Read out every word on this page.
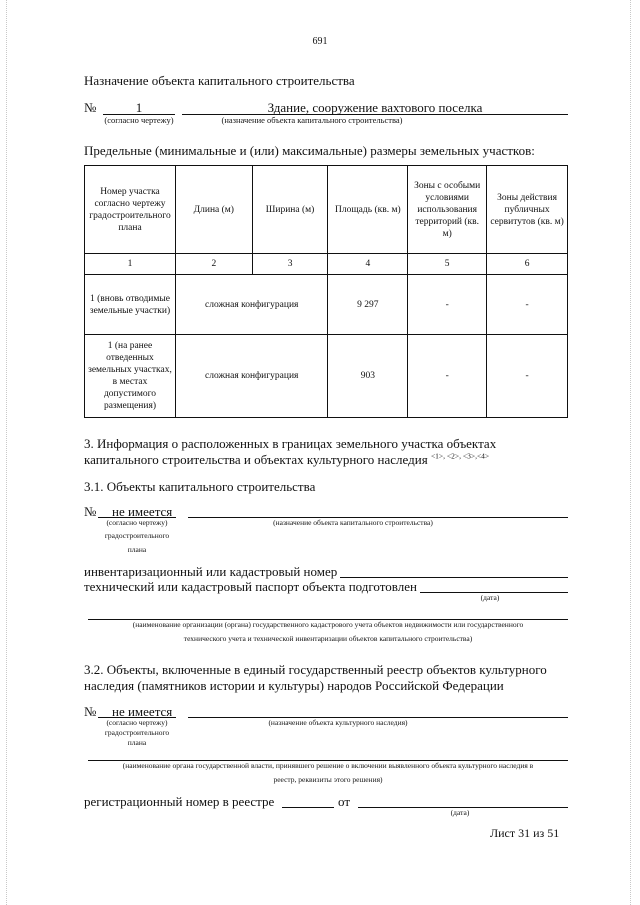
691
Назначение объекта капитального строительства
№	1
(согласно чертежу)
Здание, сооружение вахтового поселка
(назначение объекта капитального строительства)
Предельные (минимальные и (или) максимальные) размеры земельных участков:
Номер участка согласно чертежу градостроительного плана	Длина (м)	Ширина (м)	Площадь (кв. м)	Зоны с особыми условиями использования территорий (кв. м)	Зоны действия публичных сервитутов (кв. м)
1	2	3	4	5	6
1 (вновь отводимые земельные участки)	сложная конфигурация		9 297	-	-
1 (на ранее отведенных земельных участках, в местах допустимого размещения)	сложная конфигурация		903	-	-
3. Информация о расположенных в границах земельного участка объектах
капитального строительства и объектах культурного наследия $^{<1>, <2>, <3>,<4>}$
3.1. Объекты капитального строительства
№ не имеется
(согласно чертежу)
градостроительного
плана
(назначение объекта капитального строительства)
инвентаризационный или кадастровый номер
технический или кадастровый паспорт объекта подготовлен
(дата)
(наименование организации (органа) государственного кадастрового учета объектов недвижимости или государственного
технического учета и технической инвентаризации объектов капитального строительства)
3.2. Объекты, включенные в единый государственный реестр объектов культурного
наследия (памятников истории и культуры) народов Российской Федерации
№ не имеется
(согласно чертежу)
градостроительного
плана
(назначение объекта культурного наследия)
(наименование органа государственной власти, принявшего решение о включении выявленного объекта культурного наследия в
реестр, реквизиты этого решения)
регистрационный номер в реестре	от
(дата)
Лист 31 из 51
